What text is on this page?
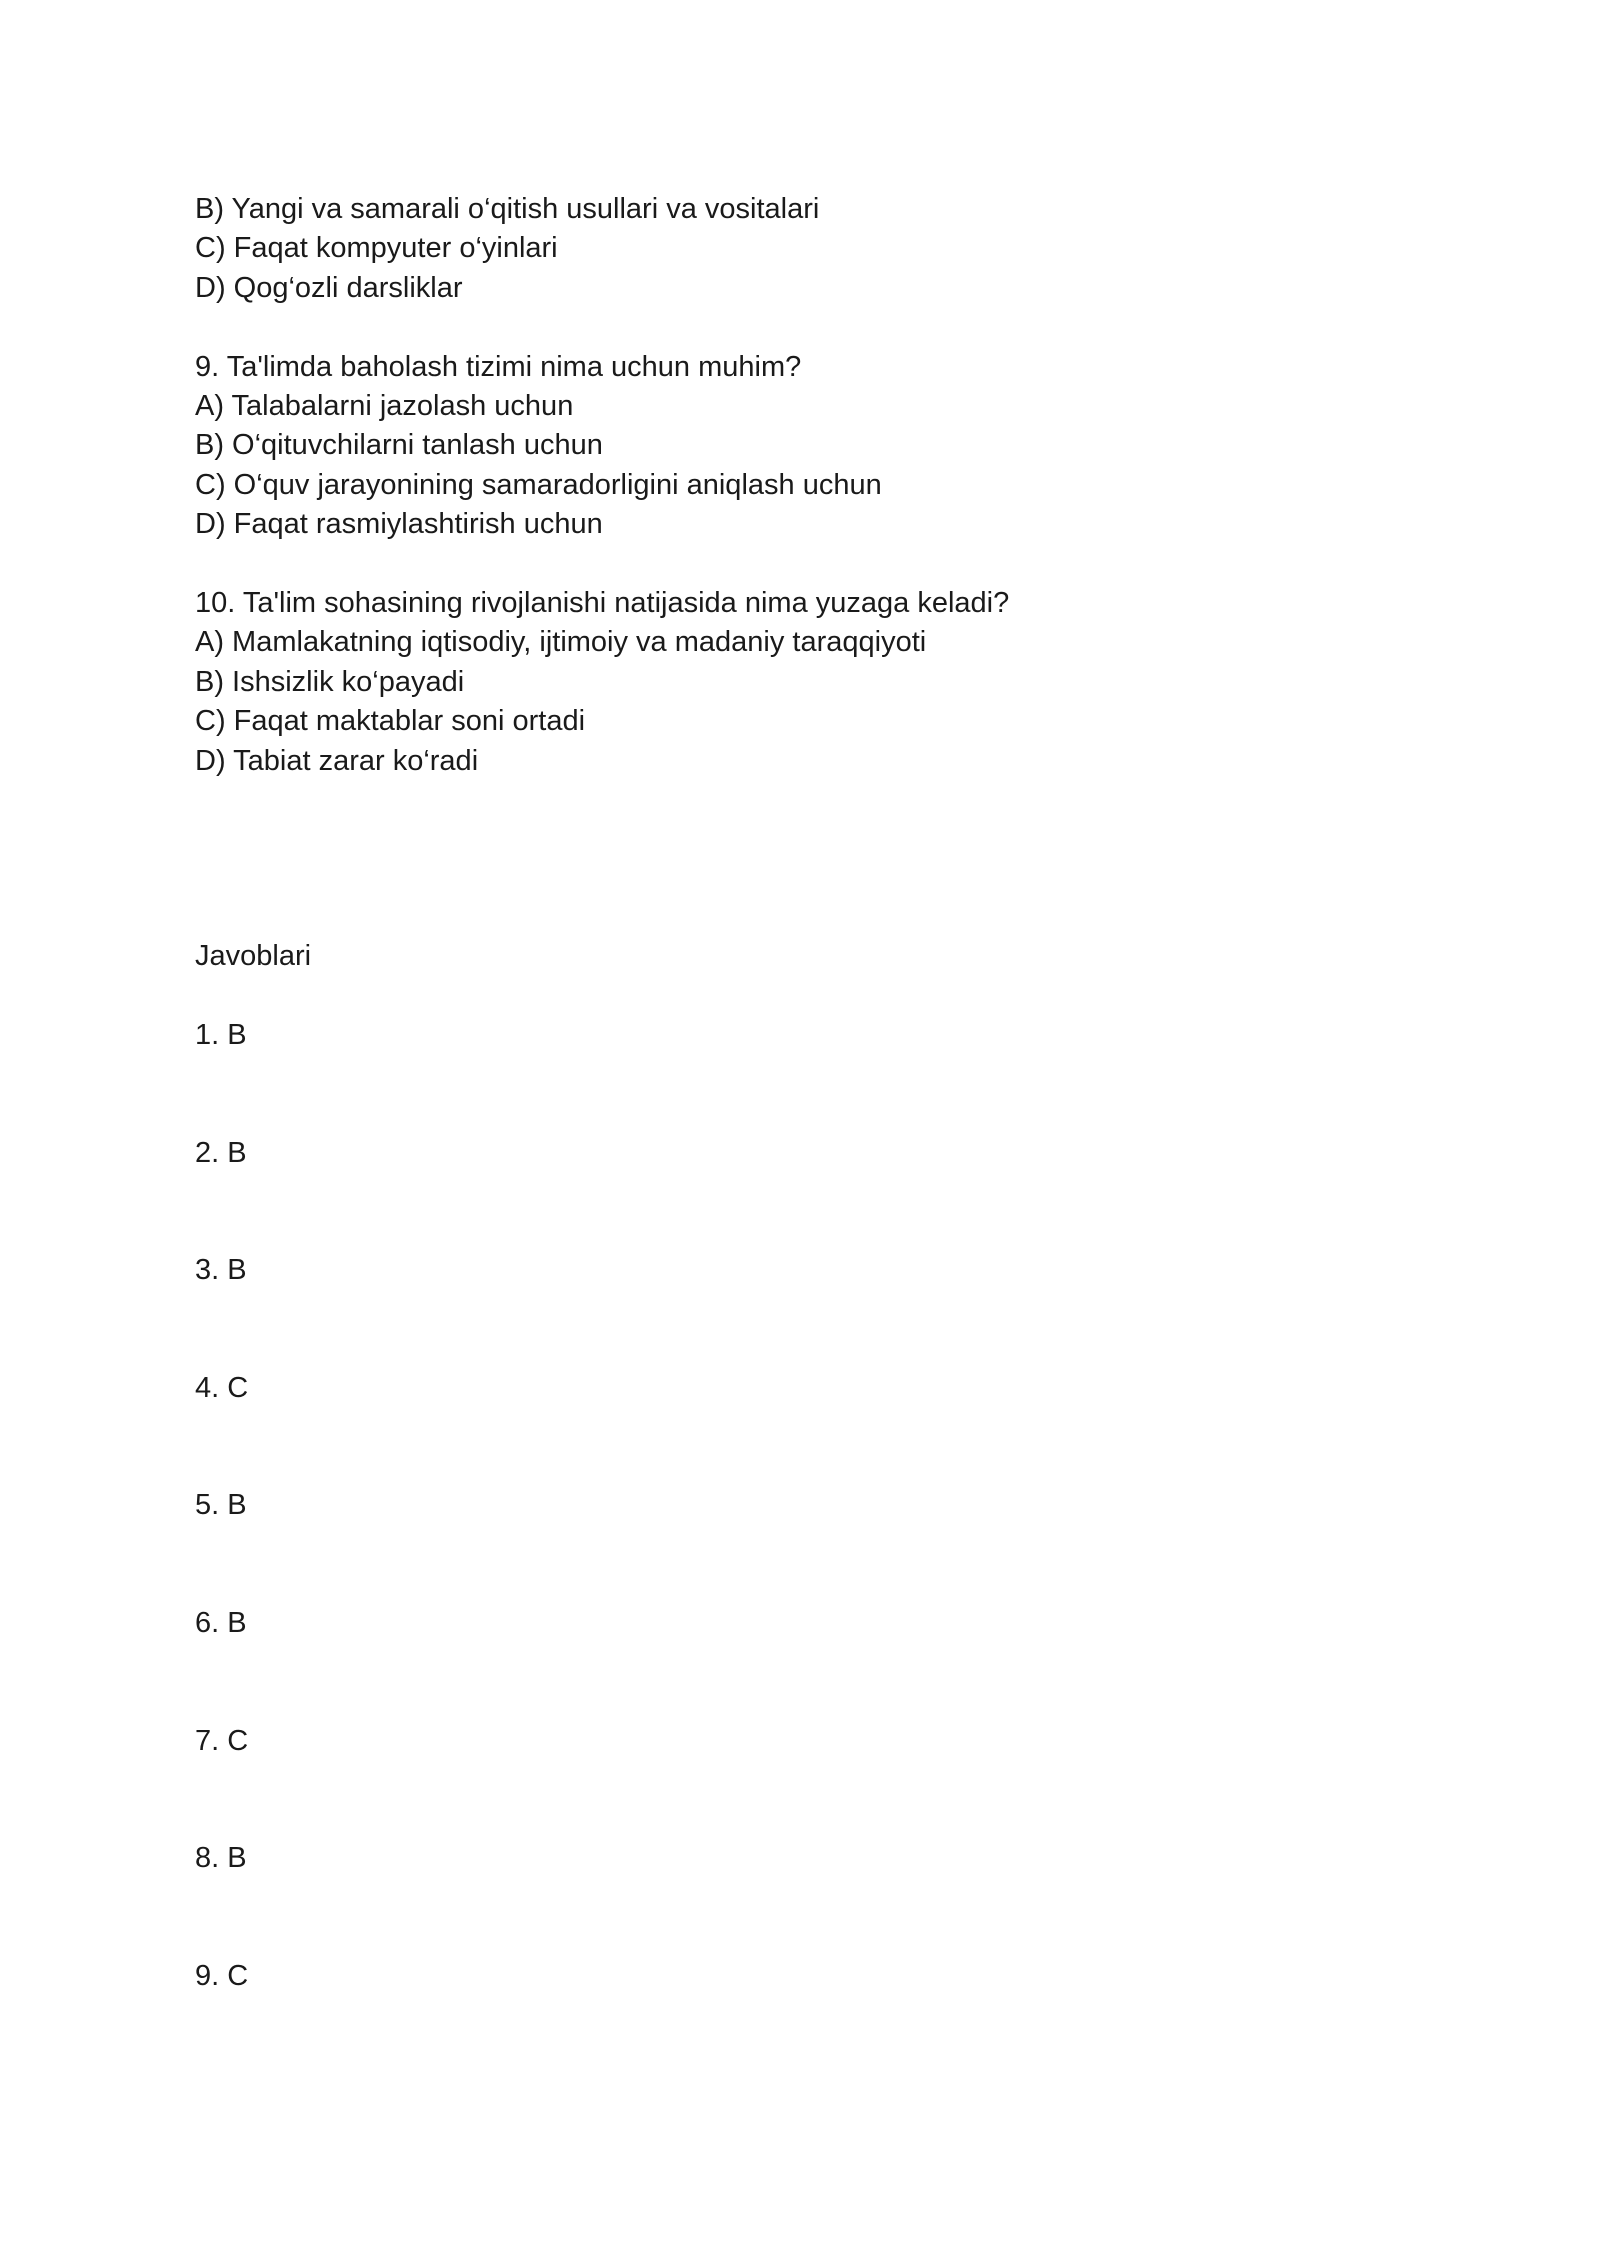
B) Yangi va samarali o‘qitish usullari va vositalari

C) Faqat kompyuter o‘yinlari

D) Qog‘ozli darsliklar

9. Ta'limda baholash tizimi nima uchun muhim?

A) Talabalarni jazolash uchun

B) O‘qituvchilarni tanlash uchun

C) O‘quv jarayonining samaradorligini aniqlash uchun

D) Faqat rasmiylashtirish uchun

10. Ta'lim sohasining rivojlanishi natijasida nima yuzaga keladi?

A) Mamlakatning iqtisodiy, ijtimoiy va madaniy taraqqiyoti

B) Ishsizlik ko‘payadi

C) Faqat maktablar soni ortadi

D) Tabiat zarar ko‘radi

Javoblari

1. B
2. B
3. B
4. C
5. B
6. B
7. C
8. B
9. C
